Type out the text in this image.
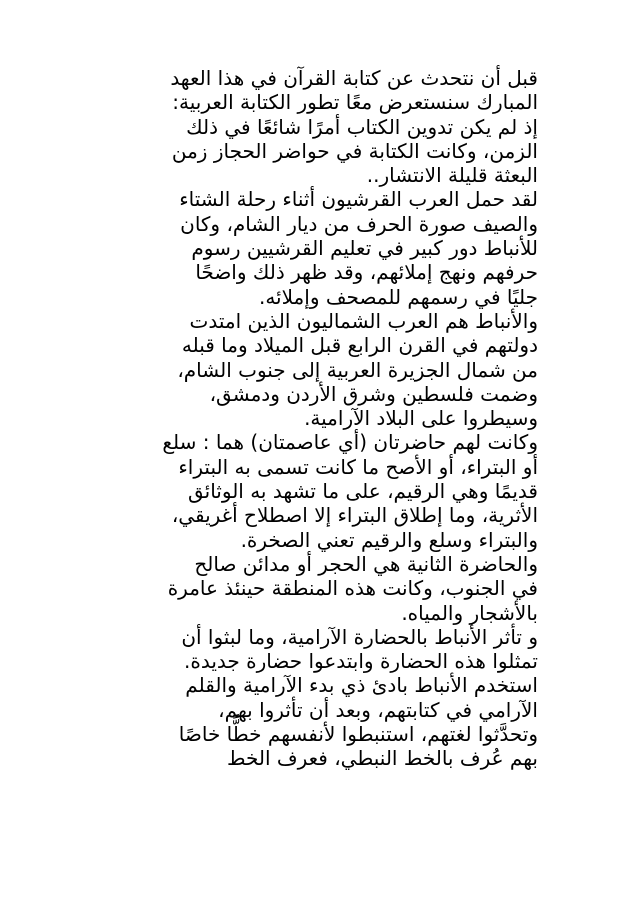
قبل أن نتحدث عن كتابة القرآن في هذا العهد
المبارك سنستعرض معًا تطور الكتابة العربية:
إذ لم يكن تدوين الكتاب أمرًا شائعًا في ذلك
الزمن، وكانت الكتابة في حواضر الحجاز زمن
البعثة قليلة الانتشار..
لقد حمل العرب القرشيون أثناء رحلة الشتاء
والصيف صورة الحرف من ديار الشام، وكان
للأنباط دور كبير في تعليم القرشيين رسوم
حرفهم ونهج إملائهم، وقد ظهر ذلك واضحًا
جليًا في رسمهم للمصحف وإملائه.
والأنباط هم العرب الشماليون الذين امتدت
دولتهم في القرن الرابع قبل الميلاد وما قبله
من شمال الجزيرة العربية إلى جنوب الشام،
وضمت فلسطين وشرق الأردن ودمشق،
وسيطروا على البلاد الآرامية.
وكانت لهم حاضرتان (أي عاصمتان) هما : سلع
أو البتراء، أو الأصح ما كانت تسمى به البتراء
قديمًا وهي الرقيم، على ما تشهد به الوثائق
الأثرية، وما إطلاق البتراء إلا اصطلاح أغريقي،
والبتراء وسلع والرقيم تعني الصخرة.
والحاضرة الثانية هي الحجر أو مدائن صالح
في الجنوب، وكانت هذه المنطقة حينئذ عامرة
بالأشجار والمياه.
و تأثر الأنباط بالحضارة الآرامية، وما لبثوا أن
تمثلوا هذه الحضارة وابتدعوا حضارة جديدة.
استخدم الأنباط بادئ ذي بدء الآرامية والقلم
الآرامي في كتابتهم، وبعد أن تأثروا بهم،
وتحدَّثوا لغتهم، استنبطوا لأنفسهم خطًّا خاصًا
بهم عُرف بالخط النبطي، فعرف الخط
